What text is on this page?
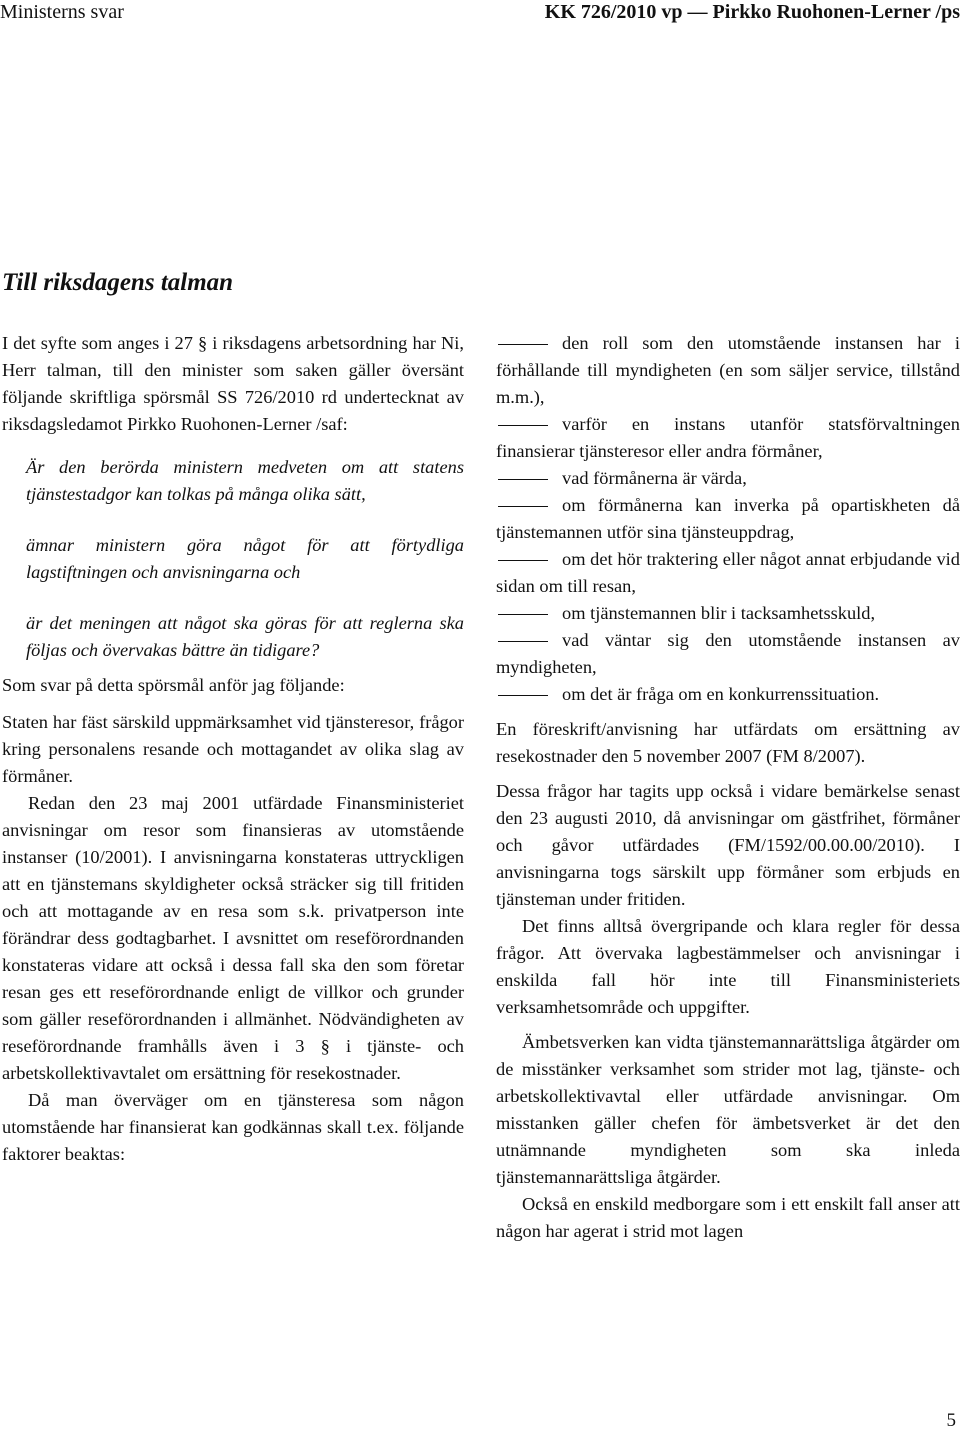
Ministerns svar	KK 726/2010 vp — Pirkko Ruohonen-Lerner /ps
Till riksdagens talman

I det syfte som anges i 27 § i riksdagens arbetsordning har Ni, Herr talman, till den minister som saken gäller översänt följande skriftliga spörsmål SS 726/2010 rd undertecknat av riksdagsledamot Pirkko Ruohonen-Lerner /saf:

Är den berörda ministern medveten om att statens tjänstestadgor kan tolkas på många olika sätt,

ämnar ministern göra något för att förtydliga lagstiftningen och anvisningarna och

är det meningen att något ska göras för att reglerna ska följas och övervakas bättre än tidigare?

Som svar på detta spörsmål anför jag följande:

Staten har fäst särskild uppmärksamhet vid tjänsteresor, frågor kring personalens resande och mottagandet av olika slag av förmåner.

Redan den 23 maj 2001 utfärdade Finansministeriet anvisningar om resor som finansieras av utomstående instanser (10/2001). I anvisningarna konstateras uttryckligen att en tjänstemans skyldigheter också sträcker sig till fritiden och att mottagande av en resa som s.k. privatperson inte förändrar dess godtagbarhet. I avsnittet om reseförordnanden konstateras vidare att också i dessa fall ska den som företar resan ges ett reseförordnande enligt de villkor och grunder som gäller reseförordnanden i allmänhet. Nödvändigheten av reseförordnande framhålls även i 3 § i tjänste- och arbetskollektivavtalet om ersättning för resekostnader.

Då man överväger om en tjänsteresa som någon utomstående har finansierat kan godkännas skall t.ex. följande faktorer beaktas:

den roll som den utomstående instansen har i förhållande till myndigheten (en som säljer service, tillstånd m.m.),

varför en instans utanför statsförvaltningen finansierar tjänsteresor eller andra förmåner,

vad förmånerna är värda,

om förmånerna kan inverka på opartiskheten då tjänstemannen utför sina tjänsteuppdrag,

om det hör traktering eller något annat erbjudande vid sidan om till resan,

om tjänstemannen blir i tacksamhetsskuld,

vad väntar sig den utomstående instansen av myndigheten,

om det är fråga om en konkurrenssituation.

En föreskrift/anvisning har utfärdats om ersättning av resekostnader den 5 november 2007 (FM 8/2007).

Dessa frågor har tagits upp också i vidare bemärkelse senast den 23 augusti 2010, då anvisningar om gästfrihet, förmåner och gåvor utfärdades (FM/1592/00.00.00/2010). I anvisningarna togs särskilt upp förmåner som erbjuds en tjänsteman under fritiden.

Det finns alltså övergripande och klara regler för dessa frågor. Att övervaka lagbestämmelser och anvisningar i enskilda fall hör inte till Finansministeriets verksamhetsområde och uppgifter.

Ämbetsverken kan vidta tjänstemannarättsliga åtgärder om de misstänker verksamhet som strider mot lag, tjänste- och arbetskollektivavtal eller utfärdade anvisningar. Om misstanken gäller chefen för ämbetsverket är det den utnämnande myndigheten som ska inleda tjänstemannarättsliga åtgärder.

Också en enskild medborgare som i ett enskilt fall anser att någon har agerat i strid mot lagen

5
